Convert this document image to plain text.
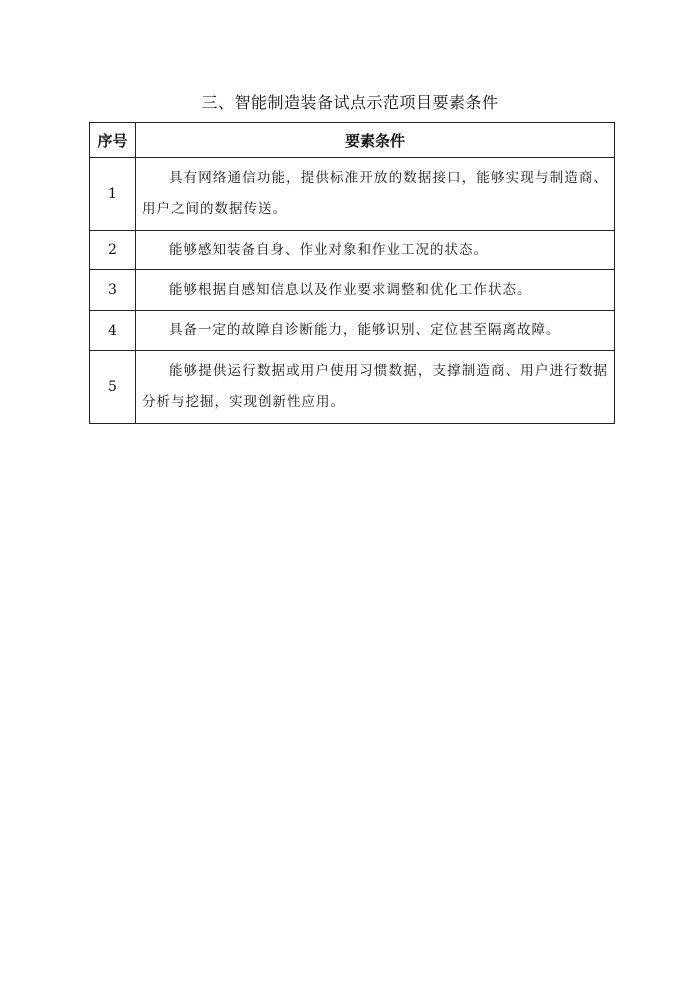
三、智能制造装备试点示范项目要素条件
序号	要素条件
1	具有网络通信功能，提供标准开放的数据接口，能够实现与制造商、用户之间的数据传送。
2	能够感知装备自身、作业对象和作业工况的状态。
3	能够根据自感知信息以及作业要求调整和优化工作状态。
4	具备一定的故障自诊断能力，能够识别、定位甚至隔离故障。
5	能够提供运行数据或用户使用习惯数据，支撑制造商、用户进行数据分析与挖掘，实现创新性应用。
